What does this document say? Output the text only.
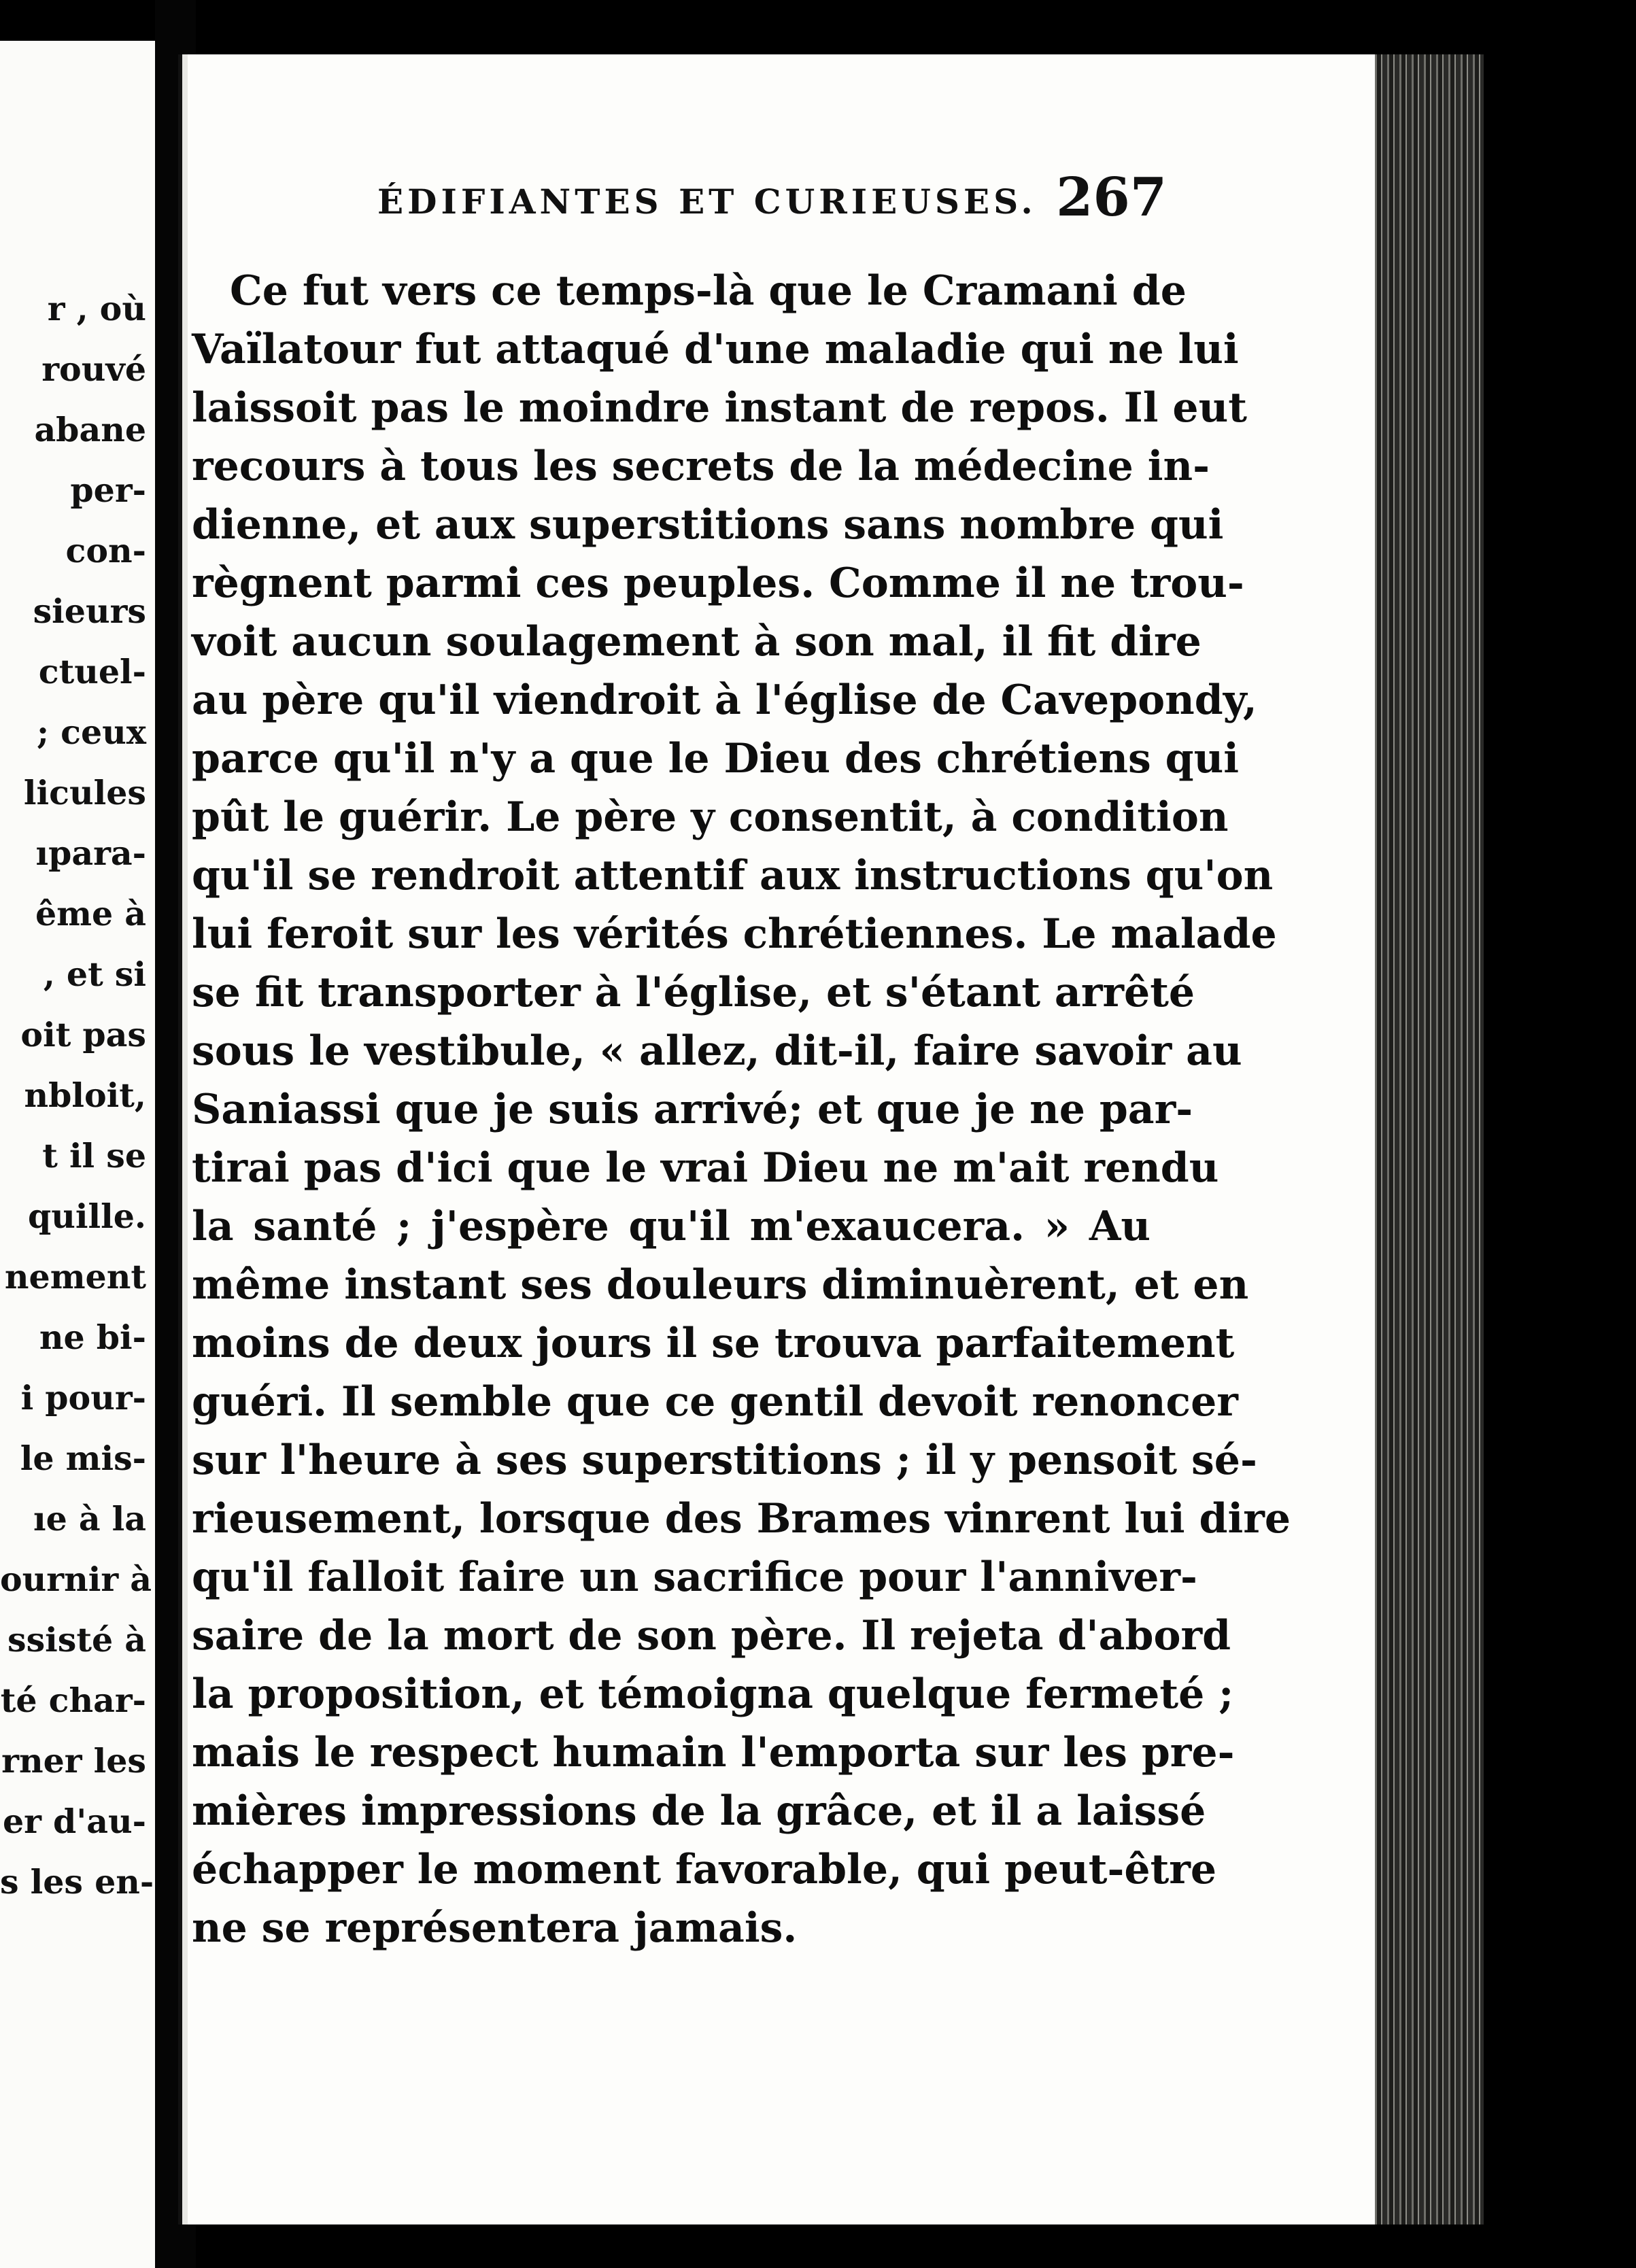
r , où
rouvé
abane
per-
con-
sieurs
ctuel-
; ceux
licules
ıpara-
ême à
, et si
oit pas
nbloit,
t il se
quille.
nement
ne bi-
i pour-
le mis-
ıe à la
ournir à
ssisté à
té char-
rner les
er d'au-
s les en-
ÉDIFIANTES ET CURIEUSES. 267
Ce fut vers ce temps-là que le Cramani de
Vaïlatour fut attaqué d'une maladie qui ne lui
laissoit pas le moindre instant de repos. Il eut
recours à tous les secrets de la médecine in-
dienne, et aux superstitions sans nombre qui
règnent parmi ces peuples. Comme il ne trou-
voit aucun soulagement à son mal, il fit dire
au père qu'il viendroit à l'église de Cavepondy,
parce qu'il n'y a que le Dieu des chrétiens qui
pût le guérir. Le père y consentit, à condition
qu'il se rendroit attentif aux instructions qu'on
lui feroit sur les vérités chrétiennes. Le malade
se fit transporter à l'église, et s'étant arrêté
sous le vestibule, « allez, dit-il, faire savoir au
Saniassi que je suis arrivé; et que je ne par-
tirai pas d'ici que le vrai Dieu ne m'ait rendu
la santé ; j'espère qu'il m'exaucera. » Au
même instant ses douleurs diminuèrent, et en
moins de deux jours il se trouva parfaitement
guéri. Il semble que ce gentil devoit renoncer
sur l'heure à ses superstitions ; il y pensoit sé-
rieusement, lorsque des Brames vinrent lui dire
qu'il falloit faire un sacrifice pour l'anniver-
saire de la mort de son père. Il rejeta d'abord
la proposition, et témoigna quelque fermeté ;
mais le respect humain l'emporta sur les pre-
mières impressions de la grâce, et il a laissé
échapper le moment favorable, qui peut-être
ne se représentera jamais.
